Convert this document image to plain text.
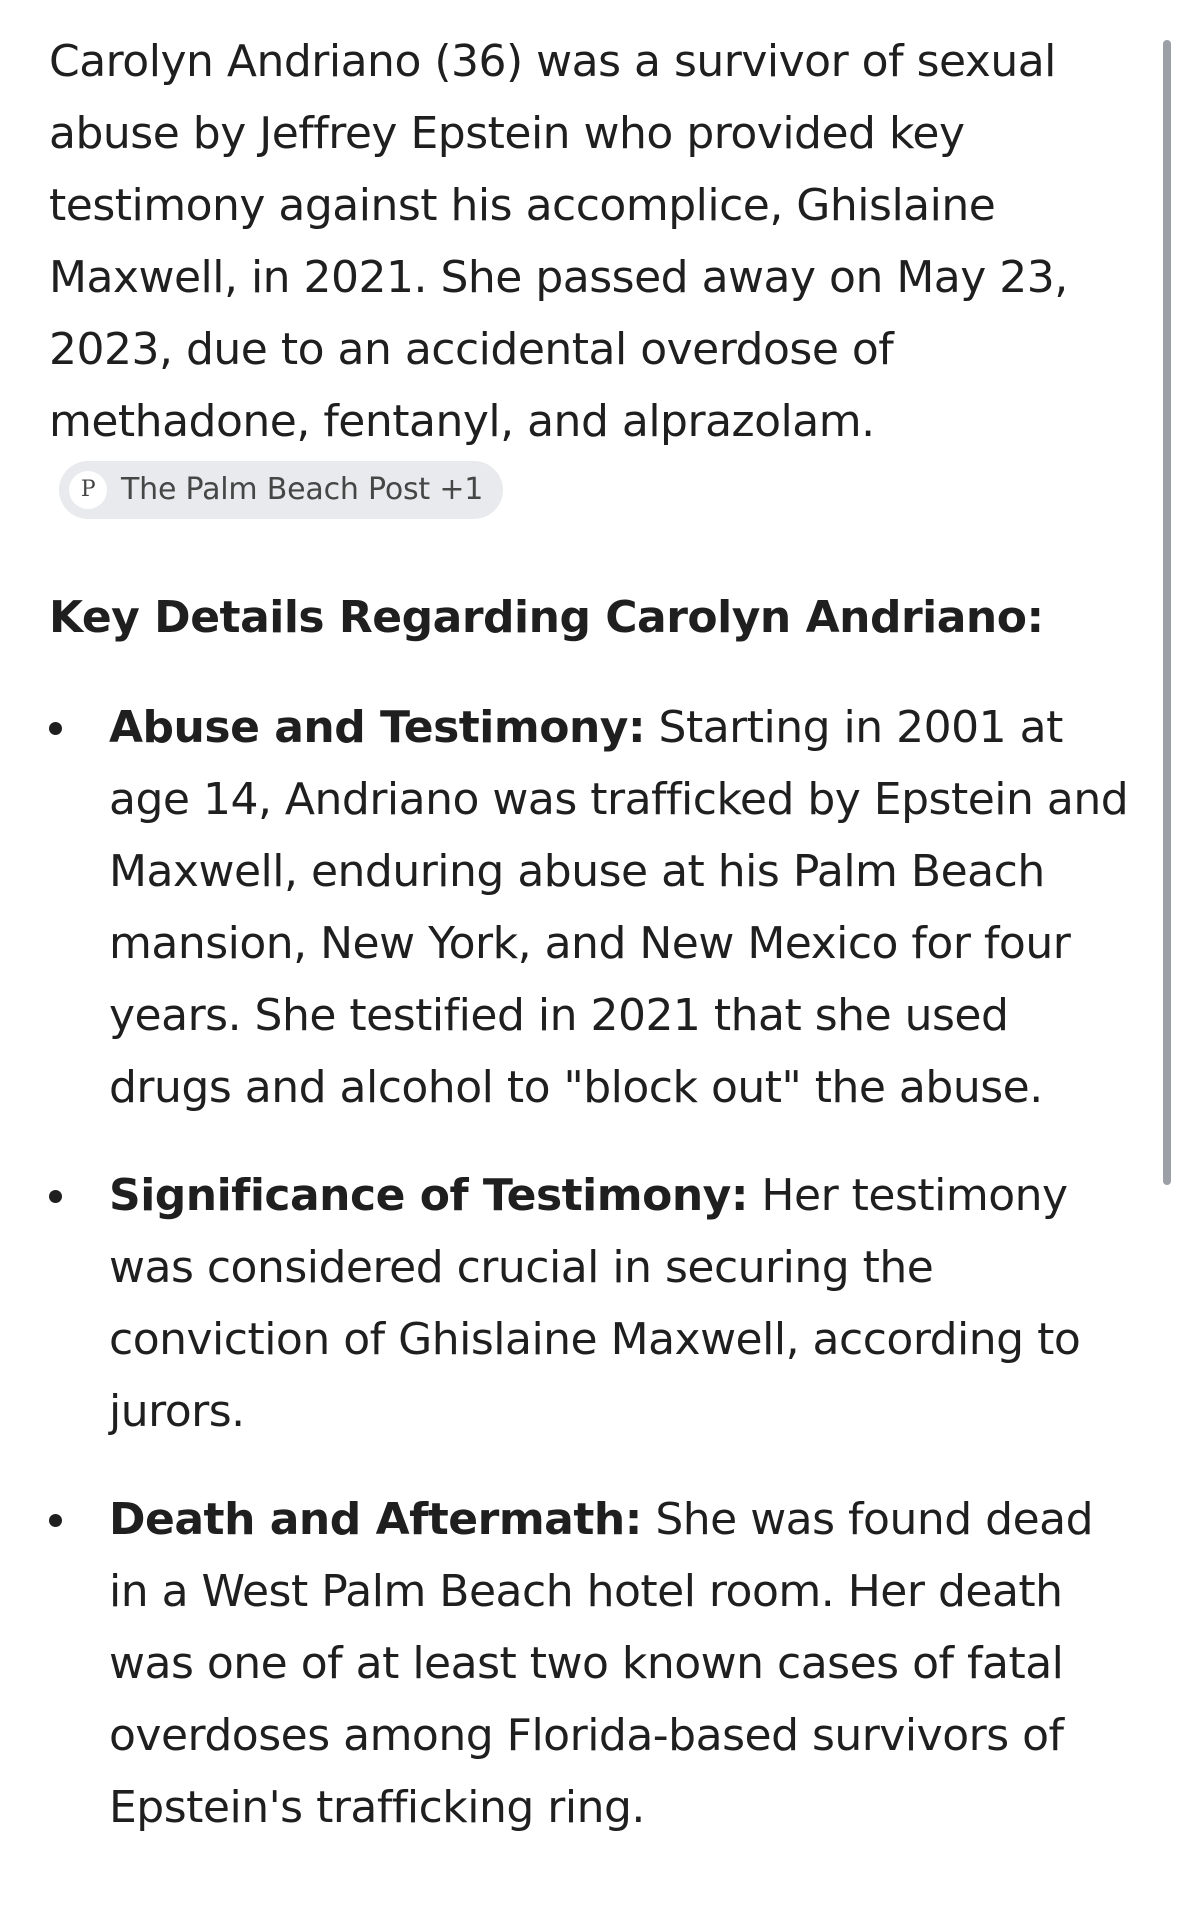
Carolyn Andriano (36) was a survivor of sexual abuse by Jeffrey Epstein who provided key testimony against his accomplice, Ghislaine Maxwell, in 2021. She passed away on May 23, 2023, due to an accidental overdose of methadone, fentanyl, and alprazolam.
P The Palm Beach Post +1

Key Details Regarding Carolyn Andriano:
Abuse and Testimony: Starting in 2001 at age 14, Andriano was trafficked by Epstein and Maxwell, enduring abuse at his Palm Beach mansion, New York, and New Mexico for four years. She testified in 2021 that she used drugs and alcohol to "block out" the abuse.
Significance of Testimony: Her testimony was considered crucial in securing the conviction of Ghislaine Maxwell, according to jurors.
Death and Aftermath: She was found dead in a West Palm Beach hotel room. Her death was one of at least two known cases of fatal overdoses among Florida-based survivors of Epstein's trafficking ring.
